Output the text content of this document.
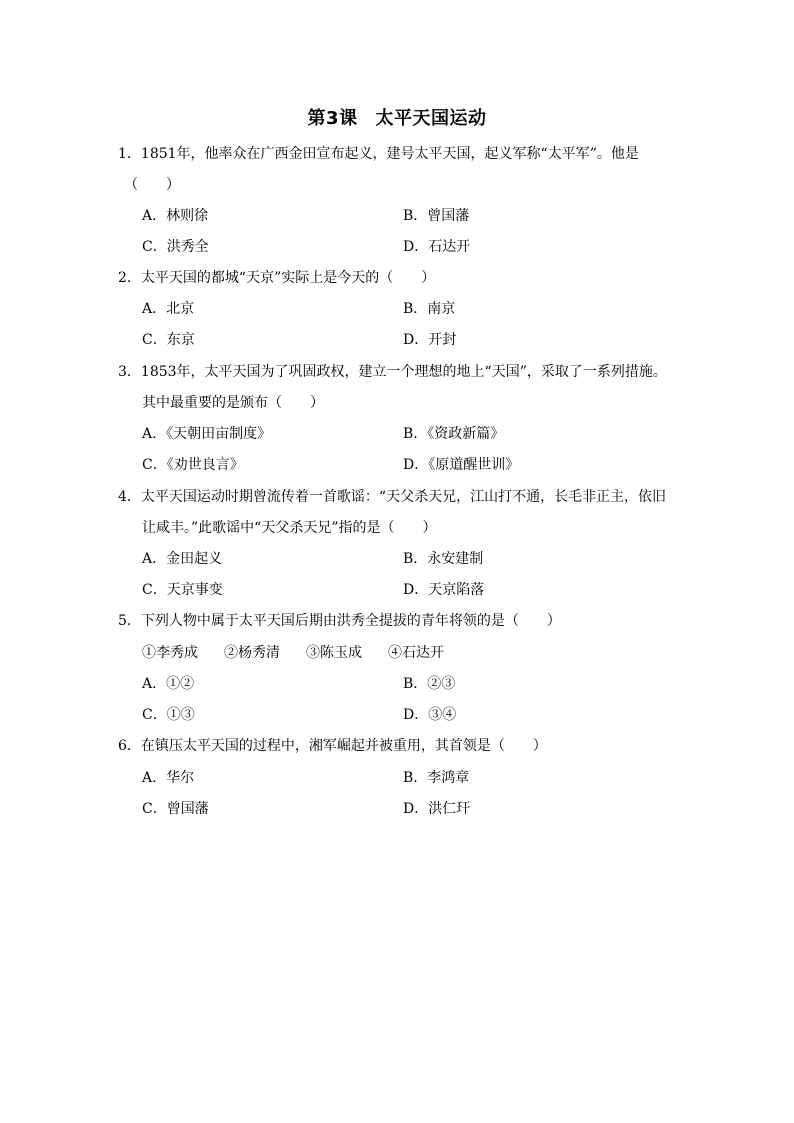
第3课 太平天国运动
1．1851年，他率众在广西金田宣布起义，建号太平天国，起义军称“太平军”。他是
（　　）
A．林则徐	B．曾国藩
C．洪秀全	D．石达开
2．太平天国的都城“天京”实际上是今天的（　　）
A．北京	B．南京
C．东京	D．开封
3．1853年，太平天国为了巩固政权，建立一个理想的地上“天国”，采取了一系列措施。
其中最重要的是颁布（　　）
A．《天朝田亩制度》	B．《资政新篇》
C．《劝世良言》	D．《原道醒世训》
4．太平天国运动时期曾流传着一首歌谣：“天父杀天兄，江山打不通，长毛非正主，依旧
让咸丰。”此歌谣中“天父杀天兄”指的是（　　）
A．金田起义	B．永安建制
C．天京事变	D．天京陷落
5．下列人物中属于太平天国后期由洪秀全提拔的青年将领的是（　　）
①李秀成 ②杨秀清 ③陈玉成 ④石达开
A．①②	B．②③
C．①③	D．③④
6．在镇压太平天国的过程中，湘军崛起并被重用，其首领是（　　）
A．华尔	B．李鸿章
C．曾国藩	D．洪仁玕
